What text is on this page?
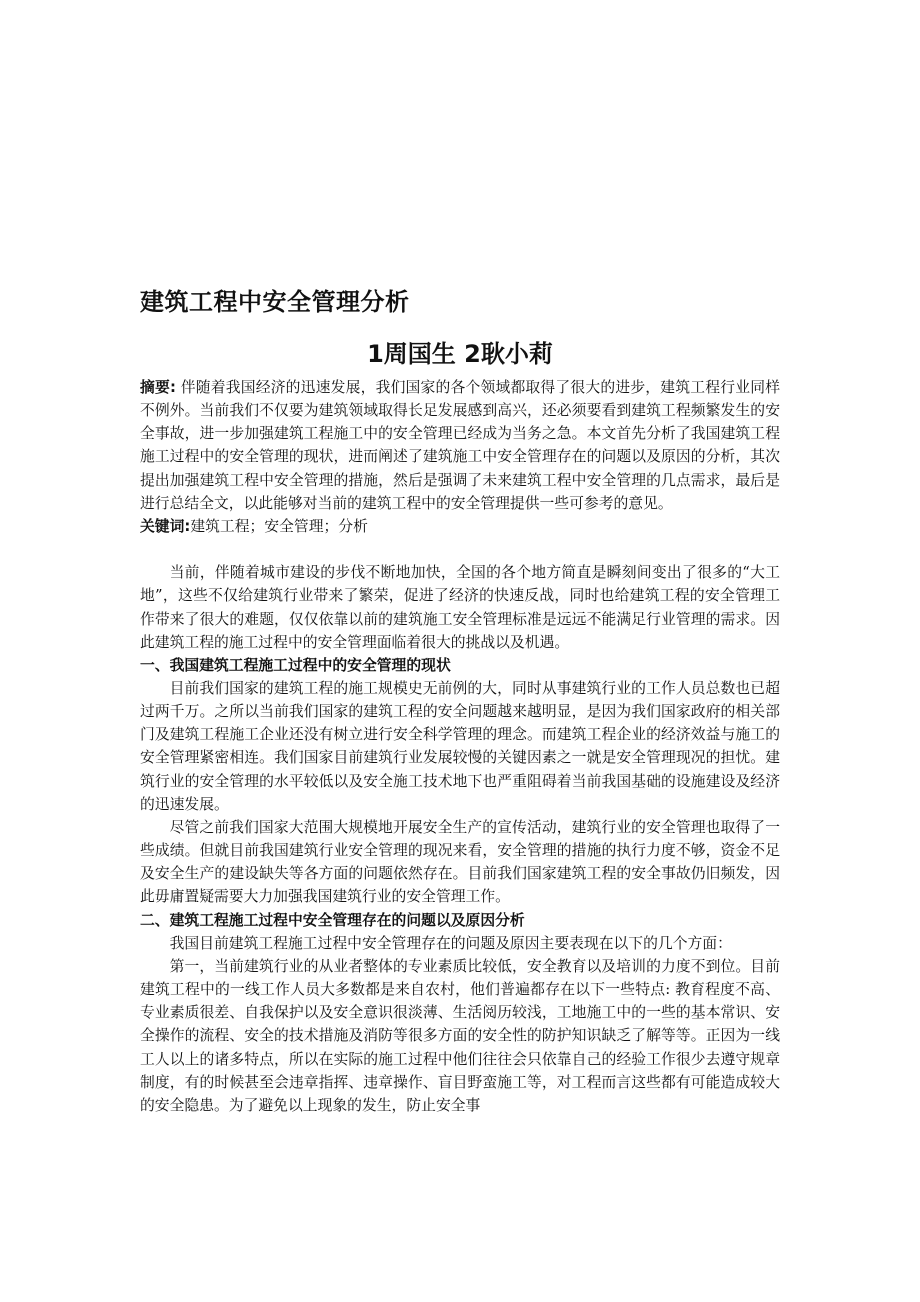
建筑工程中安全管理分析
1周国生 2耿小莉

摘要: 伴随着我国经济的迅速发展，我们国家的各个领域都取得了很大的进步，建筑工程行业同样不例外。当前我们不仅要为建筑领域取得长足发展感到高兴，还必须要看到建筑工程频繁发生的安全事故，进一步加强建筑工程施工中的安全管理已经成为当务之急。本文首先分析了我国建筑工程施工过程中的安全管理的现状，进而阐述了建筑施工中安全管理存在的问题以及原因的分析，其次提出加强建筑工程中安全管理的措施，然后是强调了未来建筑工程中安全管理的几点需求，最后是进行总结全文，以此能够对当前的建筑工程中的安全管理提供一些可参考的意见。

关键词:建筑工程；安全管理；分析

当前，伴随着城市建设的步伐不断地加快，全国的各个地方简直是瞬刻间变出了很多的“大工地”，这些不仅给建筑行业带来了繁荣，促进了经济的快速反战，同时也给建筑工程的安全管理工作带来了很大的难题，仅仅依靠以前的建筑施工安全管理标准是远远不能满足行业管理的需求。因此建筑工程的施工过程中的安全管理面临着很大的挑战以及机遇。

一、我国建筑工程施工过程中的安全管理的现状

目前我们国家的建筑工程的施工规模史无前例的大，同时从事建筑行业的工作人员总数也已超过两千万。之所以当前我们国家的建筑工程的安全问题越来越明显，是因为我们国家政府的相关部门及建筑工程施工企业还没有树立进行安全科学管理的理念。而建筑工程企业的经济效益与施工的安全管理紧密相连。我们国家目前建筑行业发展较慢的关键因素之一就是安全管理现况的担忧。建筑行业的安全管理的水平较低以及安全施工技术地下也严重阻碍着当前我国基础的设施建设及经济的迅速发展。

尽管之前我们国家大范围大规模地开展安全生产的宣传活动，建筑行业的安全管理也取得了一些成绩。但就目前我国建筑行业安全管理的现况来看，安全管理的措施的执行力度不够，资金不足及安全生产的建设缺失等各方面的问题依然存在。目前我们国家建筑工程的安全事故仍旧频发，因此毋庸置疑需要大力加强我国建筑行业的安全管理工作。

二、建筑工程施工过程中安全管理存在的问题以及原因分析

我国目前建筑工程施工过程中安全管理存在的问题及原因主要表现在以下的几个方面：

第一，当前建筑行业的从业者整体的专业素质比较低，安全教育以及培训的力度不到位。目前建筑工程中的一线工作人员大多数都是来自农村，他们普遍都存在以下一些特点: 教育程度不高、专业素质很差、自我保护以及安全意识很淡薄、生活阅历较浅，工地施工中的一些的基本常识、安全操作的流程、安全的技术措施及消防等很多方面的安全性的防护知识缺乏了解等等。正因为一线工人以上的诸多特点，所以在实际的施工过程中他们往往会只依靠自己的经验工作很少去遵守规章制度，有的时候甚至会违章指挥、违章操作、盲目野蛮施工等，对工程而言这些都有可能造成较大的安全隐患。为了避免以上现象的发生，防止安全事
